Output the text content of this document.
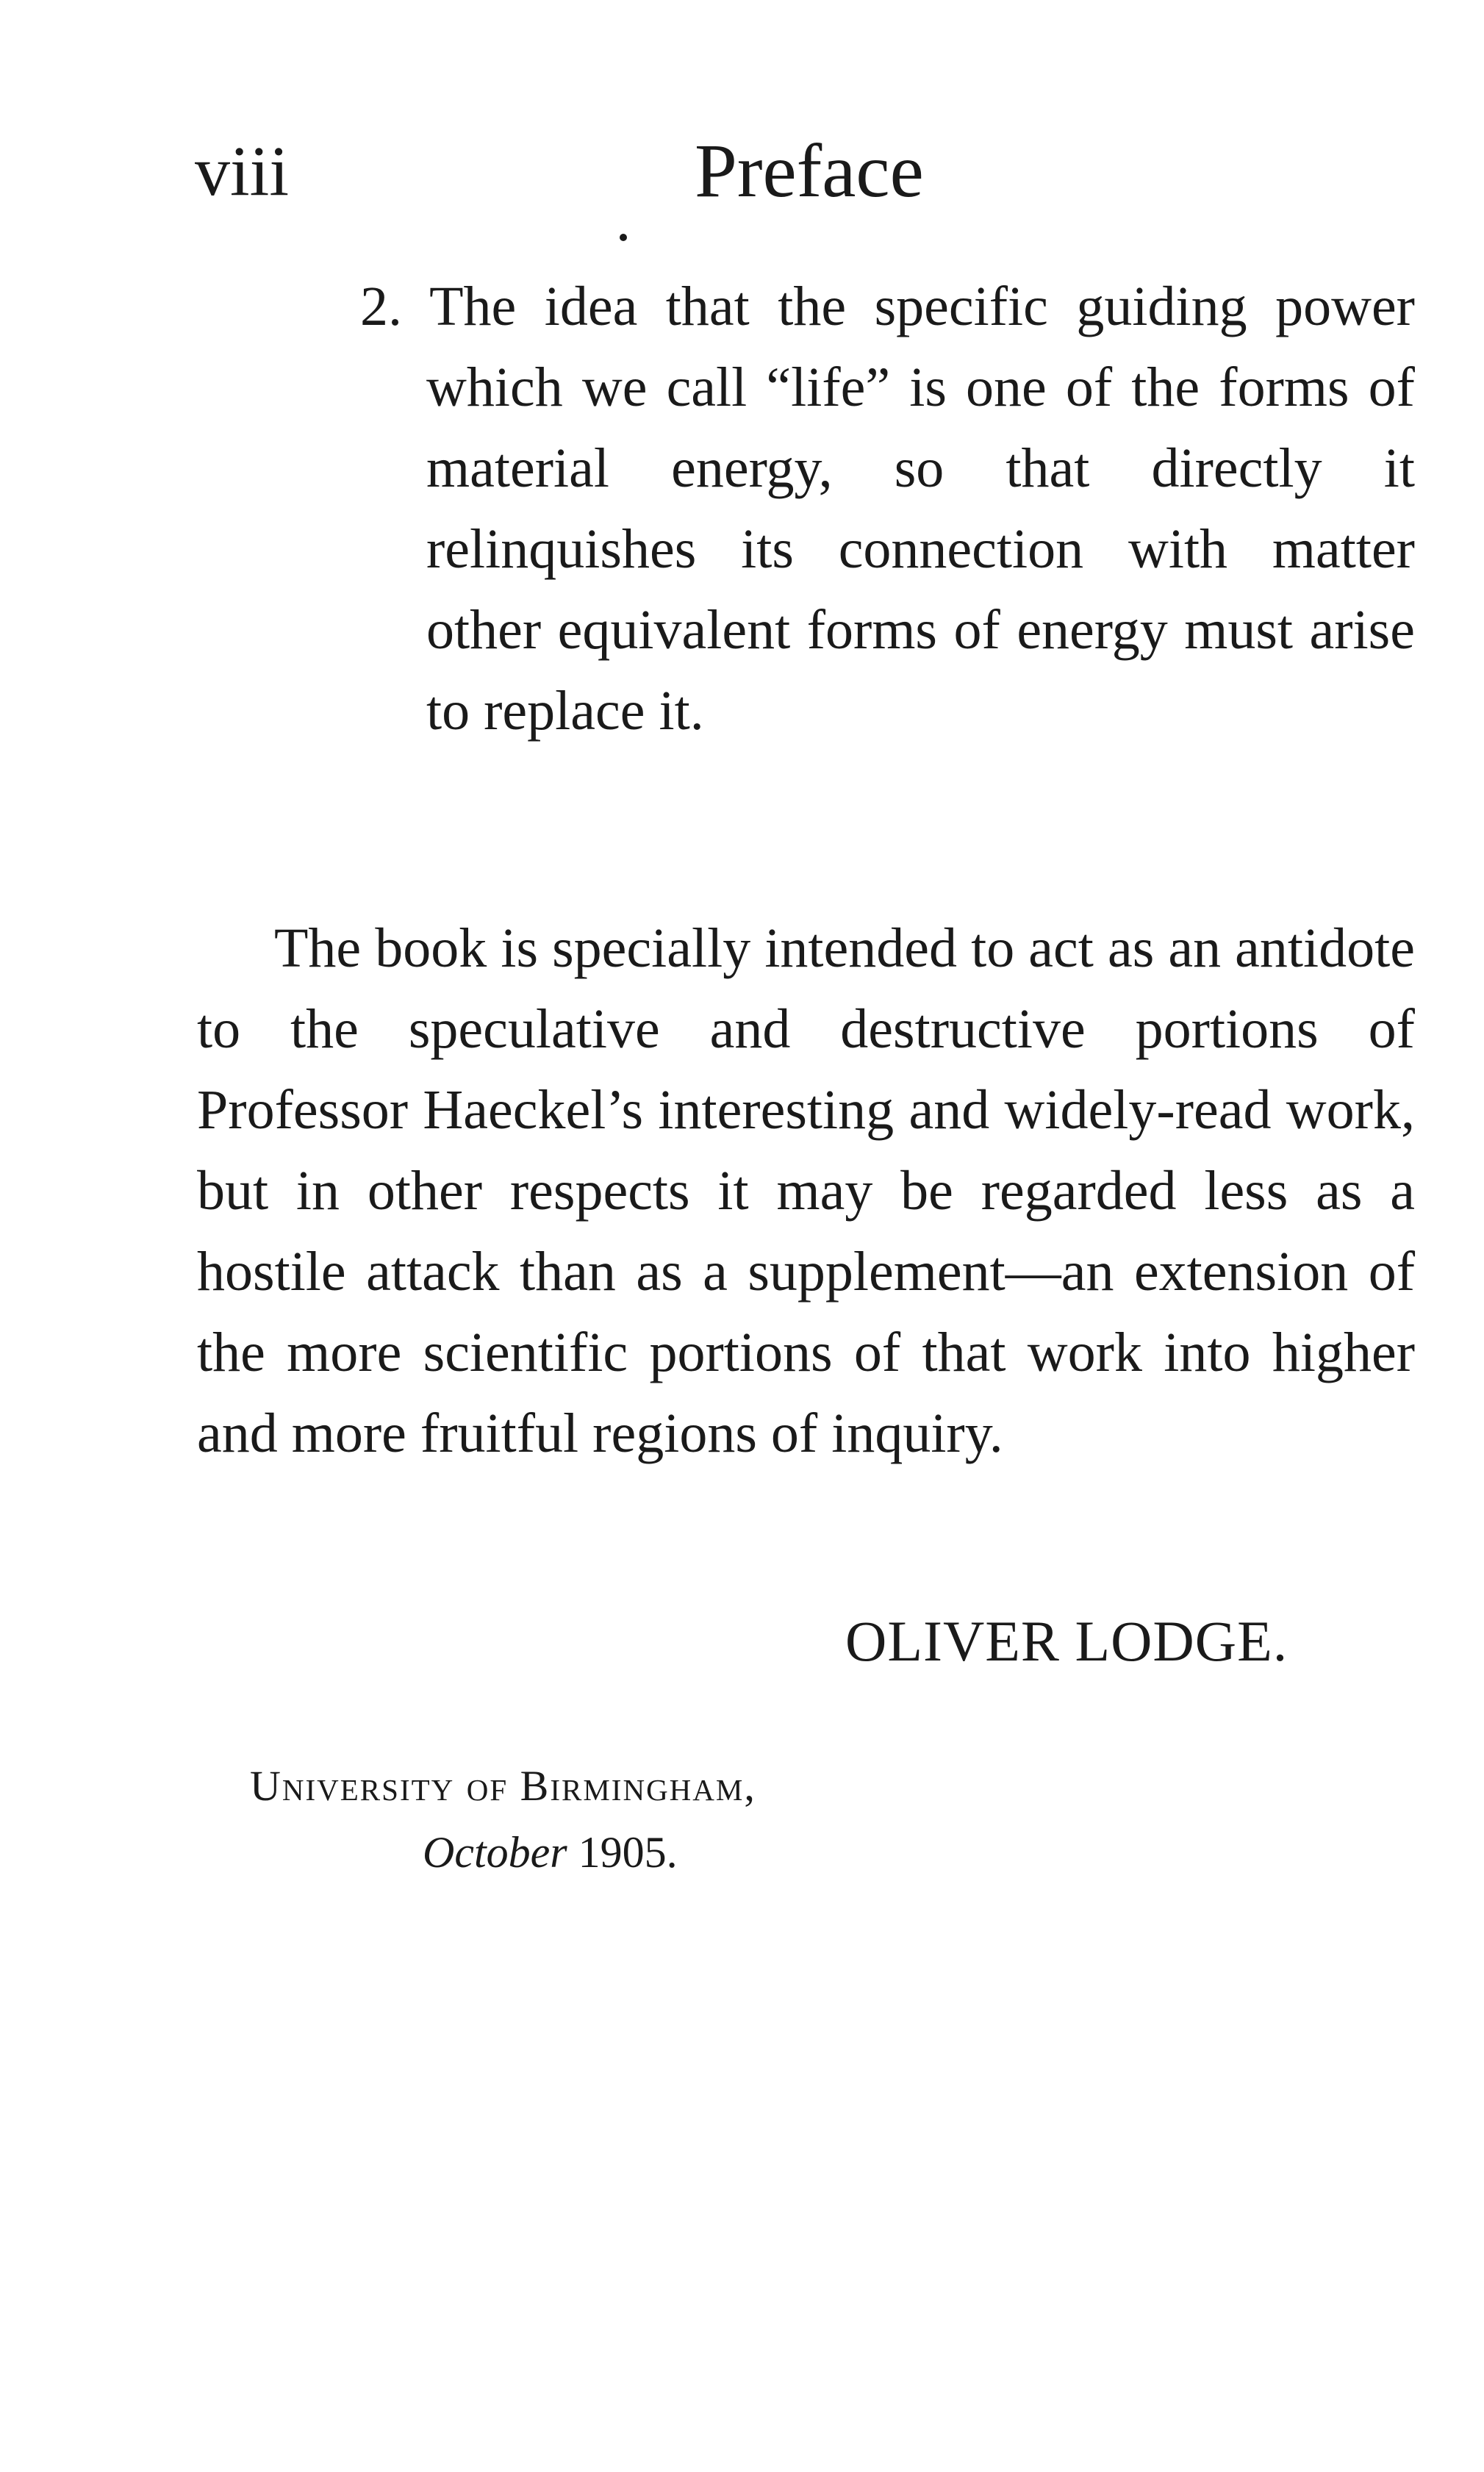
viii	Preface
2. The idea that the specific guiding power which we call “life” is one of the forms of material energy, so that directly it relinquishes its connection with matter other equivalent forms of energy must arise to replace it.

The book is specially intended to act as an antidote to the speculative and destructive portions of Professor Haeckel’s interesting and widely-read work, but in other respects it may be regarded less as a hostile attack than as a supplement—an extension of the more scientific portions of that work into higher and more fruitful regions of inquiry.

OLIVER LODGE.
University of Birmingham,
October 1905.
